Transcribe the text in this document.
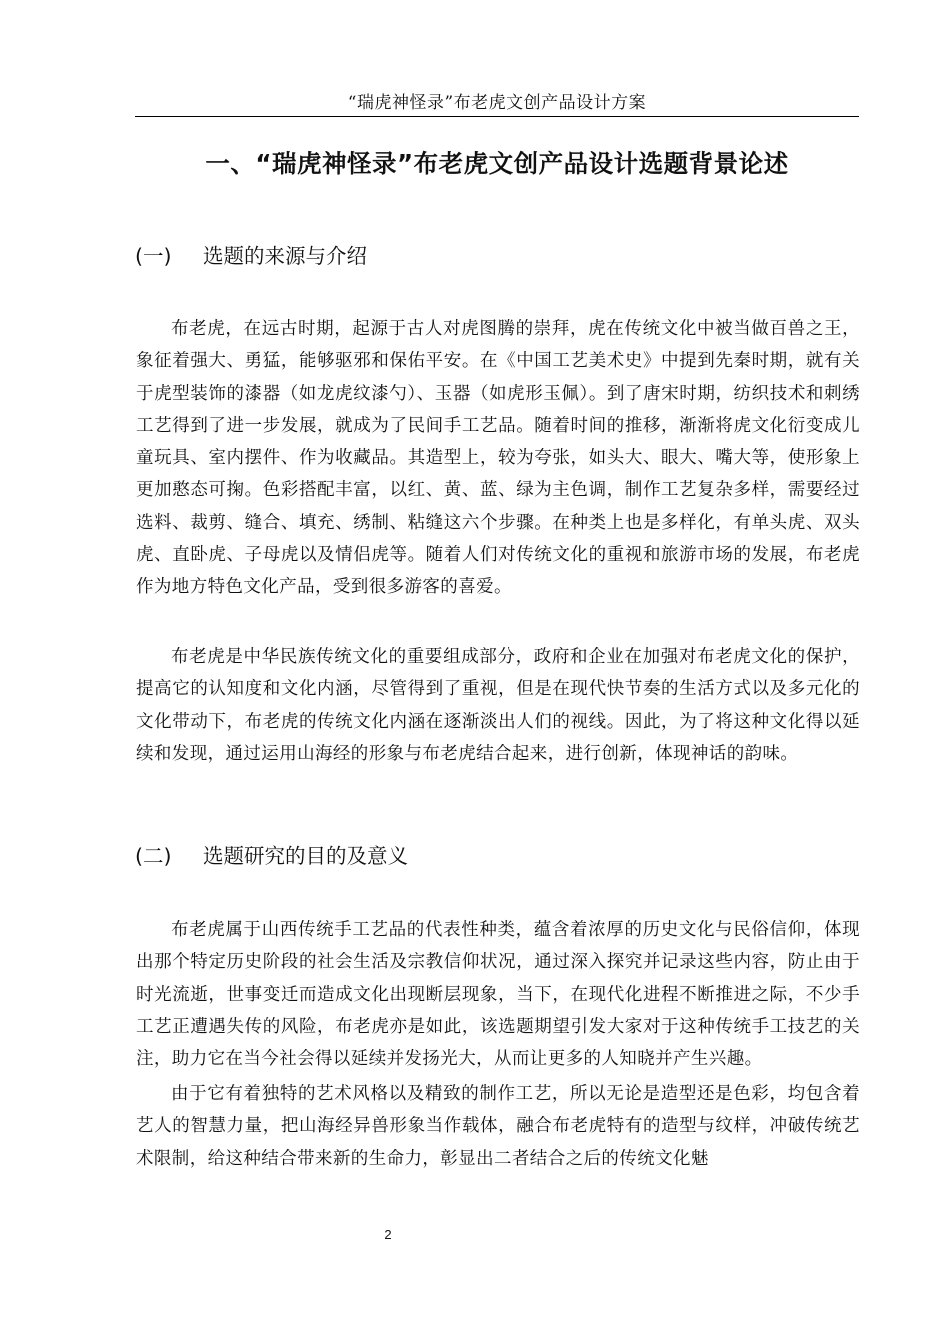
“瑞虎神怪录”布老虎文创产品设计方案
一、“瑞虎神怪录”布老虎文创产品设计选题背景论述
(一) 选题的来源与介绍

布老虎，在远古时期，起源于古人对虎图腾的崇拜，虎在传统文化中被当做百兽之王，象征着强大、勇猛，能够驱邪和保佑平安。在《中国工艺美术史》中提到先秦时期，就有关于虎型装饰的漆器（如龙虎纹漆勺）、玉器（如虎形玉佩）。到了唐宋时期，纺织技术和刺绣工艺得到了进一步发展，就成为了民间手工艺品。随着时间的推移，渐渐将虎文化衍变成儿童玩具、室内摆件、作为收藏品。其造型上，较为夸张，如头大、眼大、嘴大等，使形象上更加憨态可掬。色彩搭配丰富，以红、黄、蓝、绿为主色调，制作工艺复杂多样，需要经过选料、裁剪、缝合、填充、绣制、粘缝这六个步骤。在种类上也是多样化，有单头虎、双头虎、直卧虎、子母虎以及情侣虎等。随着人们对传统文化的重视和旅游市场的发展，布老虎作为地方特色文化产品，受到很多游客的喜爱。

布老虎是中华民族传统文化的重要组成部分，政府和企业在加强对布老虎文化的保护，提高它的认知度和文化内涵，尽管得到了重视，但是在现代快节奏的生活方式以及多元化的文化带动下，布老虎的传统文化内涵在逐渐淡出人们的视线。因此，为了将这种文化得以延续和发现，通过运用山海经的形象与布老虎结合起来，进行创新，体现神话的韵味。

(二) 选题研究的目的及意义

布老虎属于山西传统手工艺品的代表性种类，蕴含着浓厚的历史文化与民俗信仰，体现出那个特定历史阶段的社会生活及宗教信仰状况，通过深入探究并记录这些内容，防止由于时光流逝，世事变迁而造成文化出现断层现象，当下，在现代化进程不断推进之际，不少手工艺正遭遇失传的风险，布老虎亦是如此，该选题期望引发大家对于这种传统手工技艺的关注，助力它在当今社会得以延续并发扬光大，从而让更多的人知晓并产生兴趣。

由于它有着独特的艺术风格以及精致的制作工艺，所以无论是造型还是色彩，均包含着艺人的智慧力量，把山海经异兽形象当作载体，融合布老虎特有的造型与纹样，冲破传统艺术限制，给这种结合带来新的生命力，彰显出二者结合之后的传统文化魅

2
